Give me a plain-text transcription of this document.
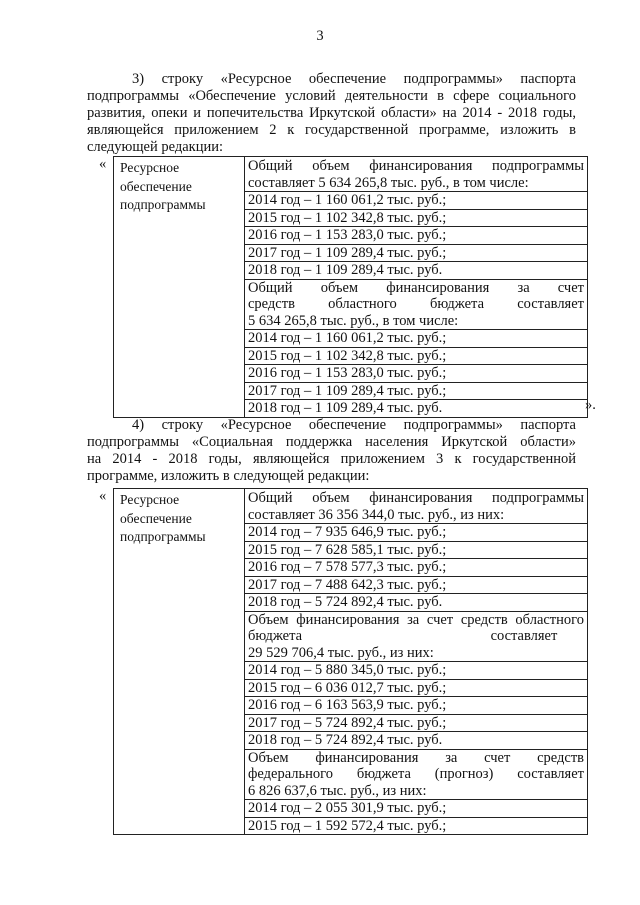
3
3) строку «Ресурсное обеспечение подпрограммы» паспорта
подпрограммы «Обеспечение условий деятельности в сфере социального
развития, опеки и попечительства Иркутской области» на 2014 - 2018 годы,
являющейся приложением 2 к государственной программе, изложить в
следующей редакции:
« Ресурсное
обеспечение
подпрограммы

Общий объем финансирования подпрограммы
составляет 5 634 265,8 тыс. руб., в том числе:
2014 год – 1 160 061,2 тыс. руб.;
2015 год – 1 102 342,8 тыс. руб.;
2016 год – 1 153 283,0 тыс. руб.;
2017 год – 1 109 289,4 тыс. руб.;
2018 год – 1 109 289,4 тыс. руб.
Общий объем финансирования за счет
средств областного бюджета составляет
5 634 265,8 тыс. руб., в том числе:
2014 год – 1 160 061,2 тыс. руб.;
2015 год – 1 102 342,8 тыс. руб.;
2016 год – 1 153 283,0 тыс. руб.;
2017 год – 1 109 289,4 тыс. руб.;
2018 год – 1 109 289,4 тыс. руб.	».
4) строку «Ресурсное обеспечение подпрограммы» паспорта
подпрограммы «Социальная поддержка населения Иркутской области»
на 2014 - 2018 годы, являющейся приложением 3 к государственной
программе, изложить в следующей редакции:
« Ресурсное
обеспечение
подпрограммы

Общий объем финансирования подпрограммы
составляет 36 356 344,0 тыс. руб., из них:
2014 год – 7 935 646,9 тыс. руб.;
2015 год – 7 628 585,1 тыс. руб.;
2016 год – 7 578 577,3 тыс. руб.;
2017 год – 7 488 642,3 тыс. руб.;
2018 год – 5 724 892,4 тыс. руб.
Объем финансирования за счет средств областного
бюджета                                                    составляет
29 529 706,4 тыс. руб., из них:
2014 год – 5 880 345,0 тыс. руб.;
2015 год – 6 036 012,7 тыс. руб.;
2016 год – 6 163 563,9 тыс. руб.;
2017 год – 5 724 892,4 тыс. руб.;
2018 год – 5 724 892,4 тыс. руб.
Объем финансирования за счет средств
федерального бюджета (прогноз) составляет
6 826 637,6 тыс. руб., из них:
2014 год – 2 055 301,9 тыс. руб.;
2015 год – 1 592 572,4 тыс. руб.;
